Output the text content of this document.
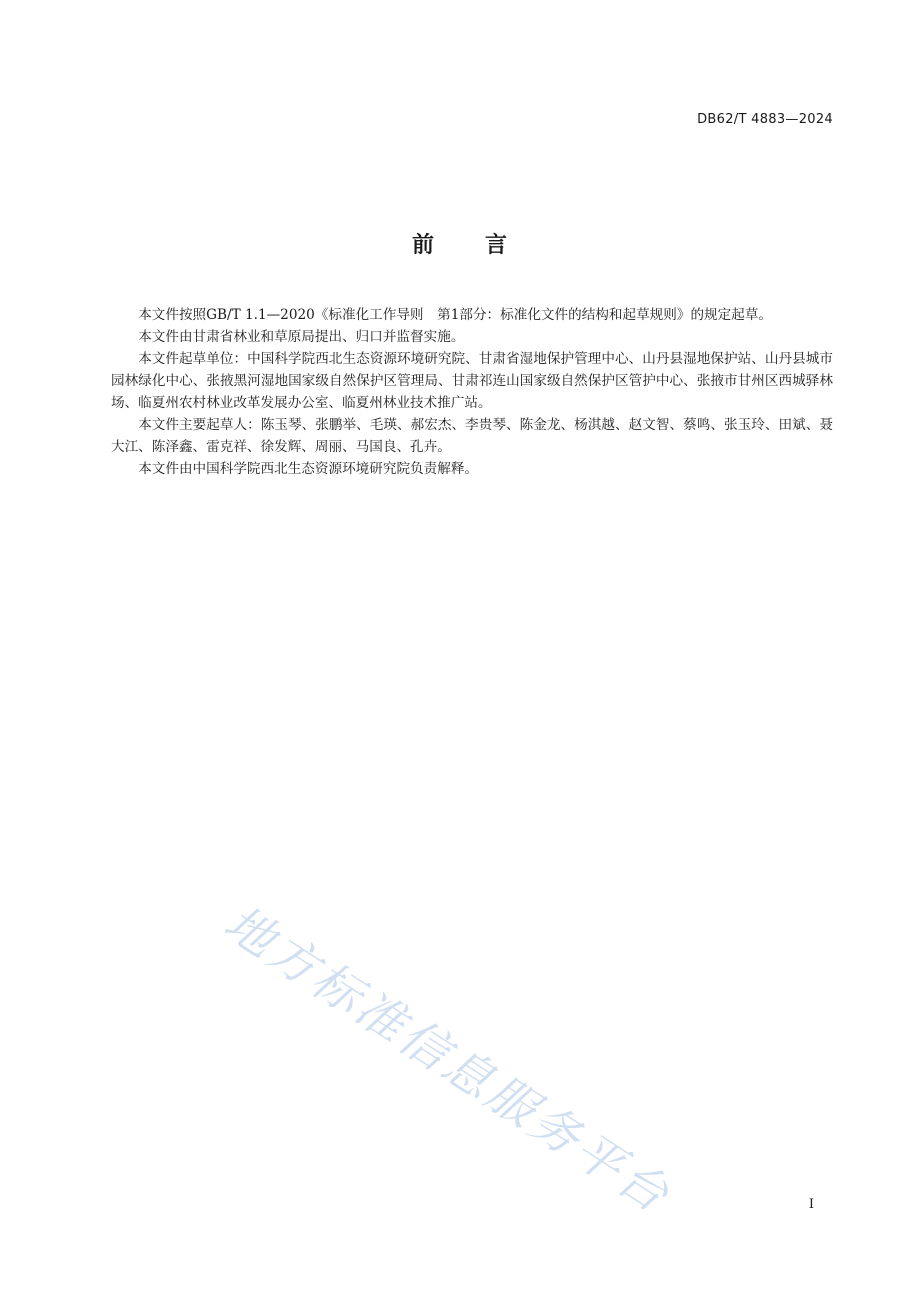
DB62/T 4883—2024
前 言

本文件按照GB/T 1.1—2020《标准化工作导则　第1部分：标准化文件的结构和起草规则》的规定起草。

本文件由甘肃省林业和草原局提出、归口并监督实施。

本文件起草单位：中国科学院西北生态资源环境研究院、甘肃省湿地保护管理中心、山丹县湿地保护站、山丹县城市园林绿化中心、张掖黑河湿地国家级自然保护区管理局、甘肃祁连山国家级自然保护区管护中心、张掖市甘州区西城驿林场、临夏州农村林业改革发展办公室、临夏州林业技术推广站。

本文件主要起草人：陈玉琴、张鹏举、毛瑛、郝宏杰、李贵琴、陈金龙、杨淇越、赵文智、蔡鸣、张玉玲、田斌、聂大江、陈泽鑫、雷克祥、徐发辉、周丽、马国良、孔卉。

本文件由中国科学院西北生态资源环境研究院负责解释。

地方标准信息服务平台	I
